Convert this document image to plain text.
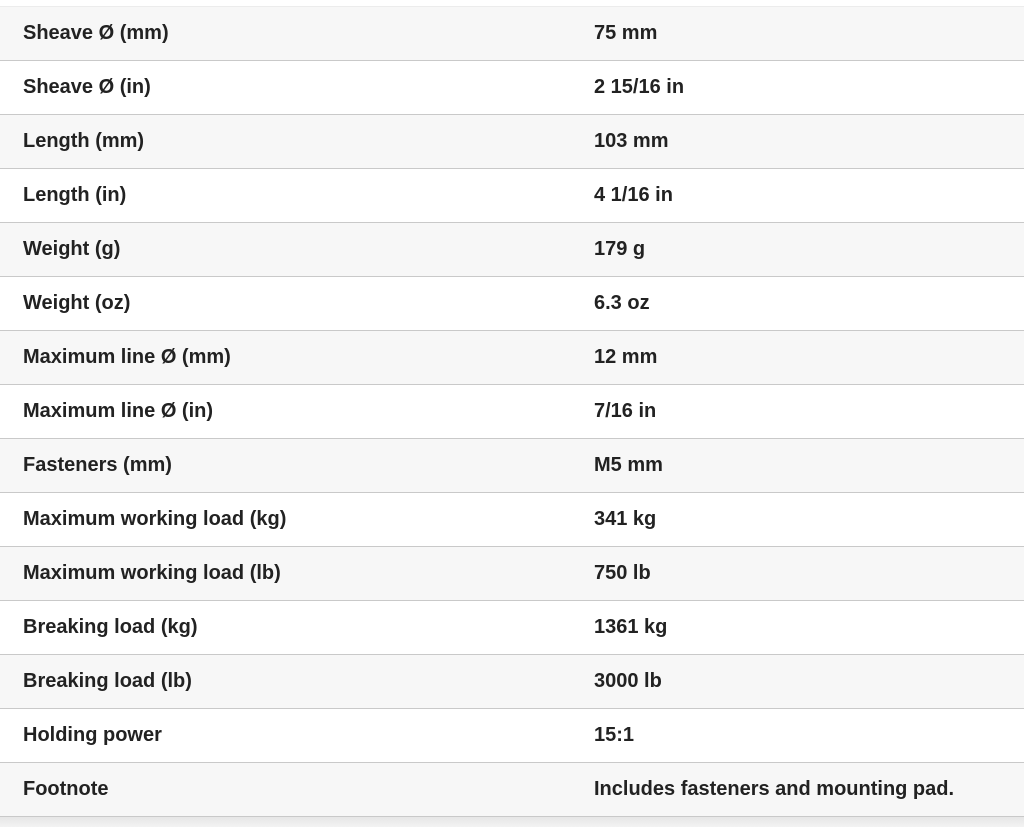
Sheave Ø (mm)	75 mm
Sheave Ø (in)	2 15/16 in
Length (mm)	103 mm
Length (in)	4 1/16 in
Weight (g)	179 g
Weight (oz)	6.3 oz
Maximum line Ø (mm)	12 mm
Maximum line Ø (in)	7/16 in
Fasteners (mm)	M5 mm
Maximum working load (kg)	341 kg
Maximum working load (lb)	750 lb
Breaking load (kg)	1361 kg
Breaking load (lb)	3000 lb
Holding power	15:1
Footnote	Includes fasteners and mounting pad.
